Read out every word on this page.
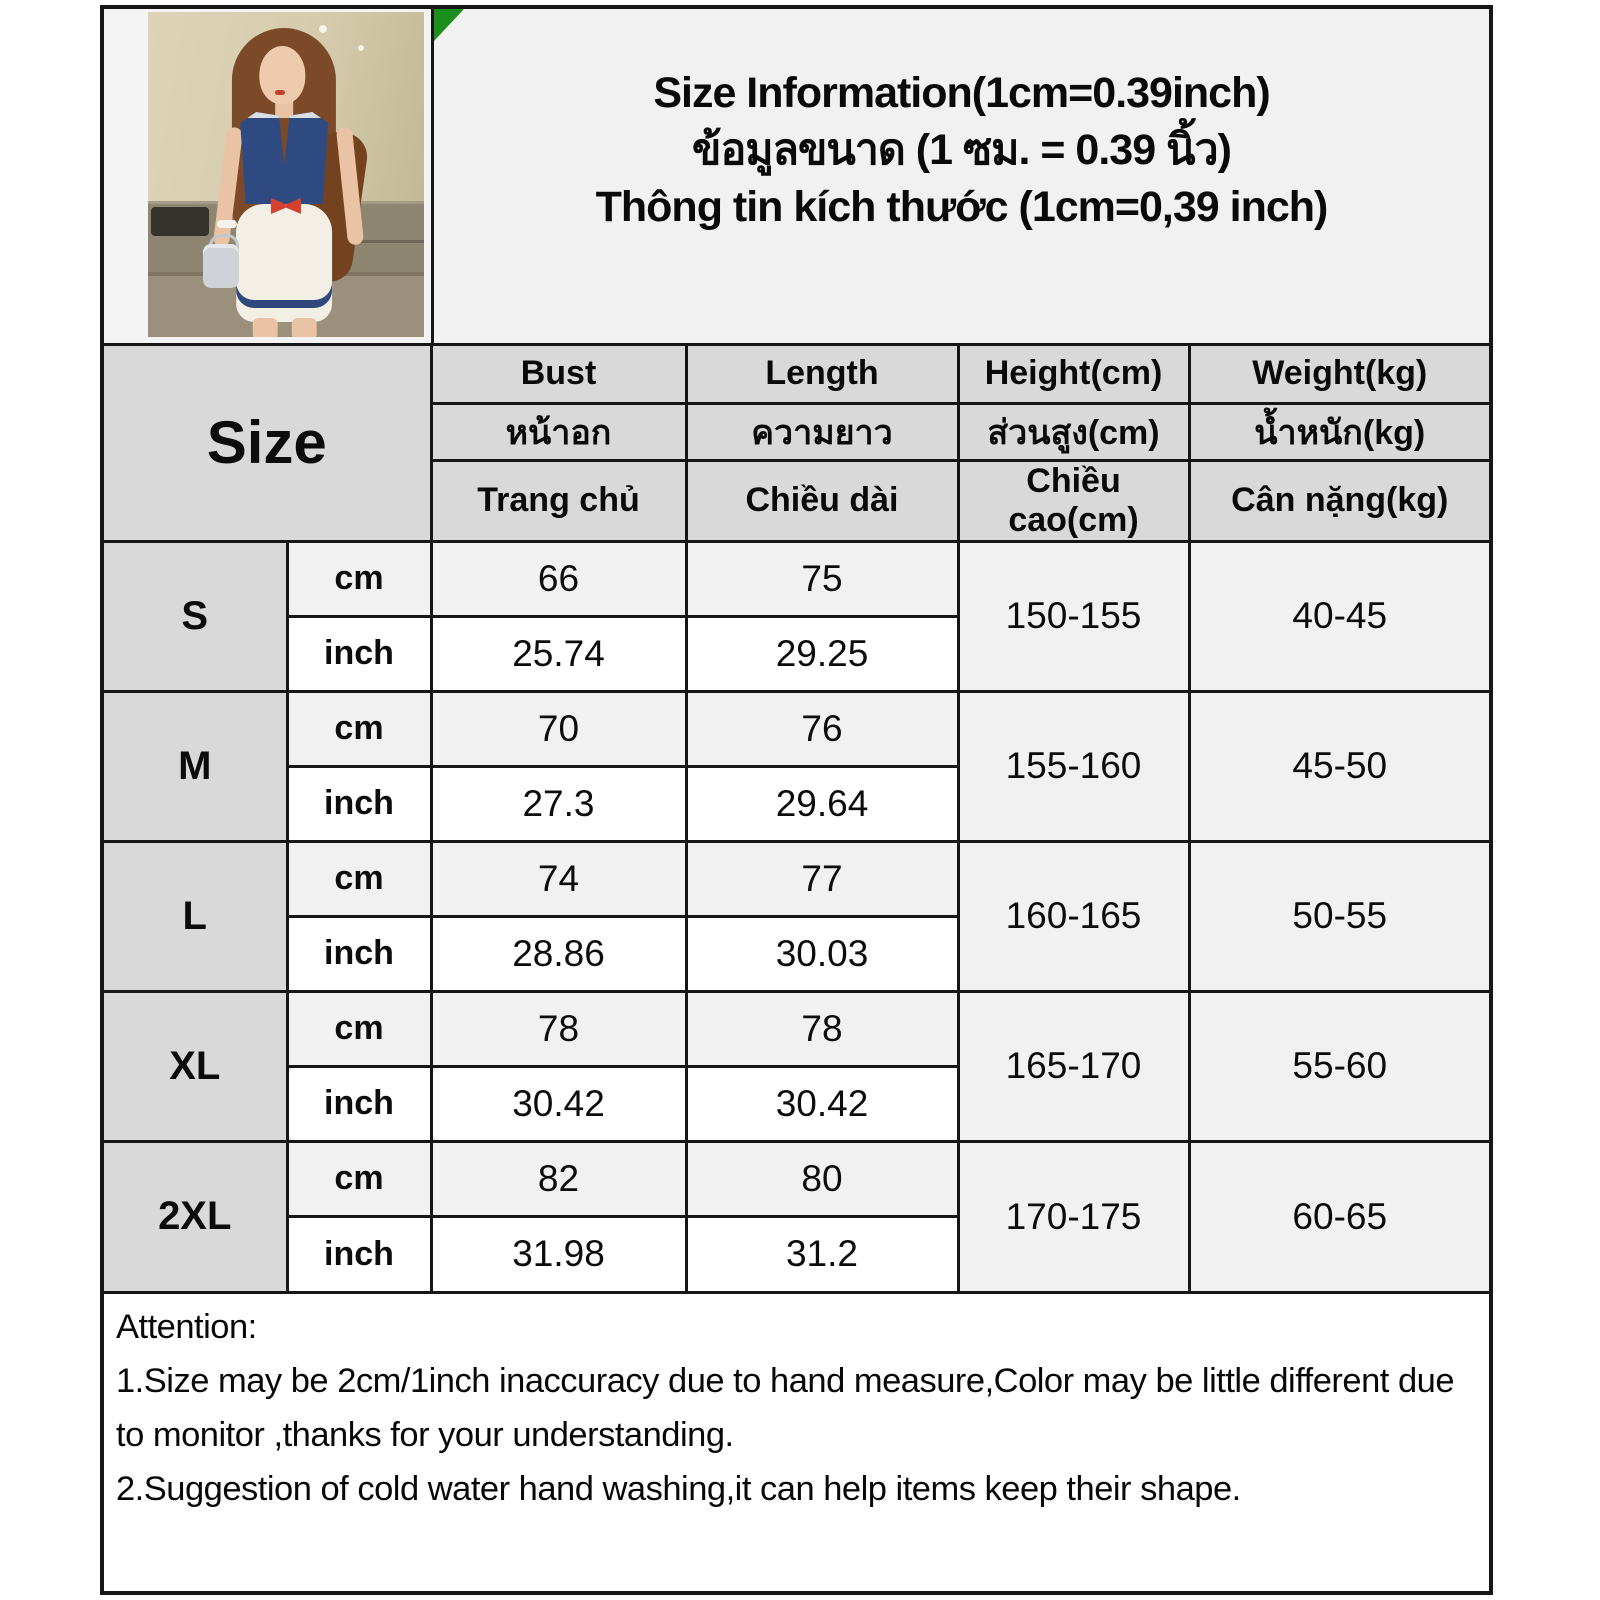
Size Information(1cm=0.39inch)
ข้อมูลขนาด (1 ซม. = 0.39 นิ้ว)
Thông tin kích thước (1cm=0,39 inch)
Size		Bust	Length	Height(cm)	Weight(kg)
		หน้าอก	ความยาว	ส่วนสูง(cm)	น้ำหนัก(kg)
		Trang chủ	Chiều dài	Chiều cao(cm)	Cân nặng(kg)
S	cm	66	75	150-155	40-45
	inch	25.74	29.25		
M	cm	70	76	155-160	45-50
	inch	27.3	29.64		
L	cm	74	77	160-165	50-55
	inch	28.86	30.03		
XL	cm	78	78	165-170	55-60
	inch	30.42	30.42		
2XL	cm	82	80	170-175	60-65
	inch	31.98	31.2		

Attention:

1.Size may be 2cm/1inch inaccuracy due to hand measure,Color may be little different due to monitor ,thanks for your understanding.

2.Suggestion of cold water hand washing,it can help items keep their shape.
